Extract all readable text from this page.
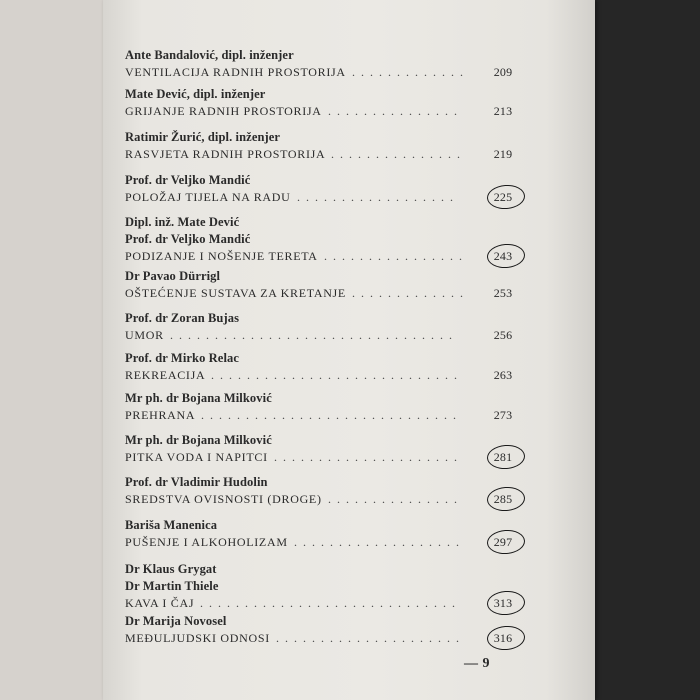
Ante Bandalović, dipl. inženjer
VENTILACIJA RADNIH PROSTORIJA .............	209
Mate Dević, dipl. inženjer
GRIJANJE RADNIH PROSTORIJA ...............	213
Ratimir Žurić, dipl. inženjer
RASVJETA RADNIH PROSTORIJA ...............	219
Prof. dr Veljko Mandić
POLOŽAJ TIJELA NA RADU ..................	225
Dipl. inž. Mate Dević
Prof. dr Veljko Mandić
PODIZANJE I NOŠENJE TERETA ................	243
Dr Pavao Dürrigl
OŠTEĆENJE SUSTAVA ZA KRETANJE .............	253
Prof. dr Zoran Bujas
UMOR ................................	256
Prof. dr Mirko Relac
REKREACIJA ............................	263
Mr ph. dr Bojana Milković
PREHRANA .............................	273
Mr ph. dr Bojana Milković
PITKA VODA I NAPITCI .....................	281
Prof. dr Vladimir Hudolin
SREDSTVA OVISNOSTI (DROGE) ...............	285
Bariša Manenica
PUŠENJE I ALKOHOLIZAM ...................	297
Dr Klaus Grygat
Dr Martin Thiele
KAVA I ČAJ .............................	313
Dr Marija Novosel
MEĐULJUDSKI ODNOSI .....................	316
— 9
